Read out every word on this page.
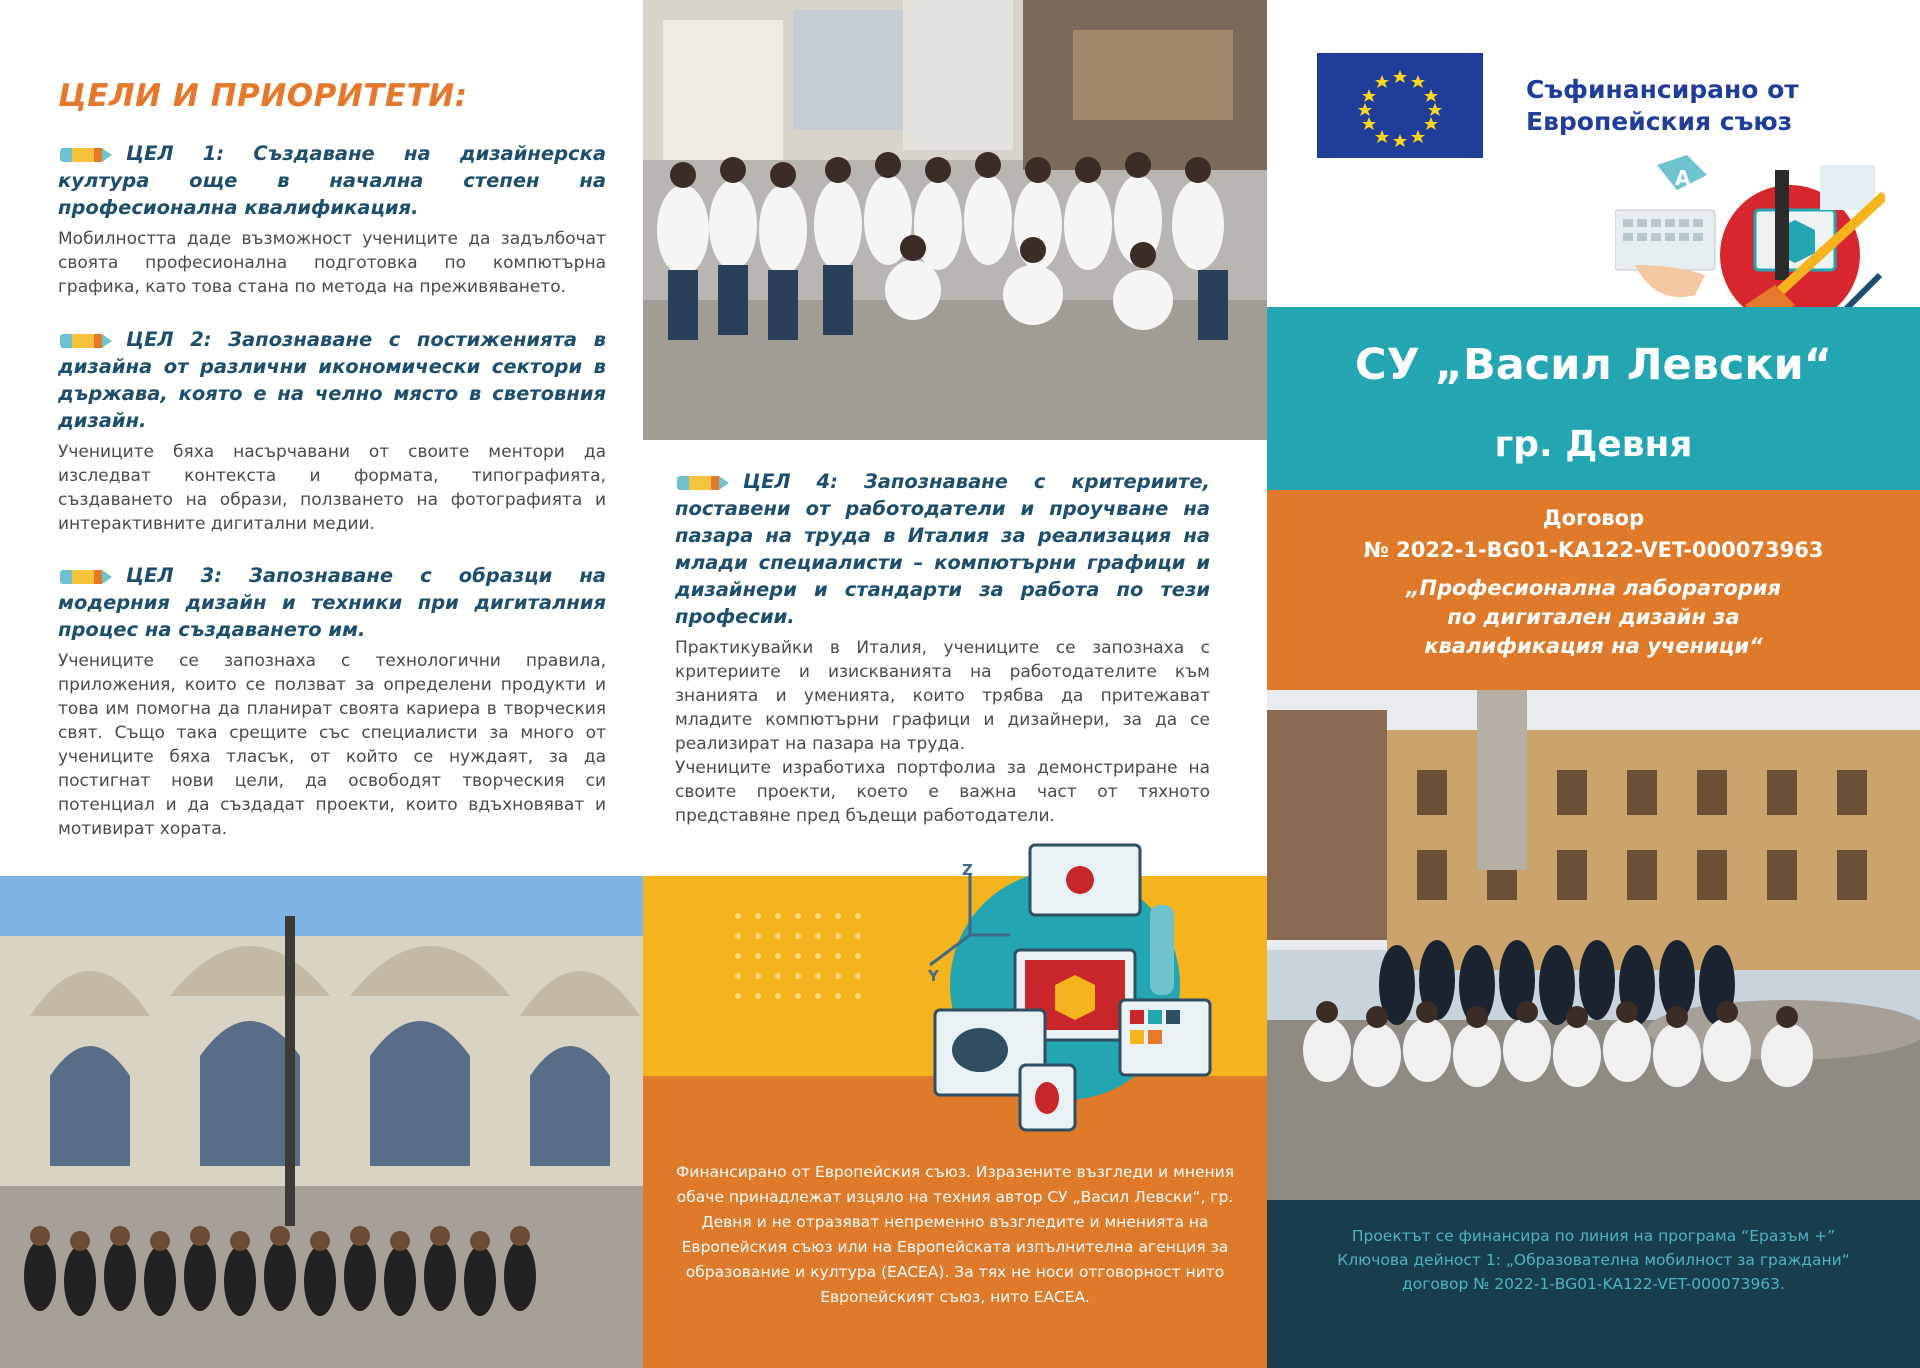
ЦЕЛИ И ПРИОРИТЕТИ:
ЦЕЛ 1: Създаване на дизайнерска култура още в начална степен на професионална квалификация.
Мобилността даде възможност учениците да задълбочат своята професионална подготовка по компютърна графика, като това стана по метода на преживяването.
ЦЕЛ 2: Запознаване с постиженията в дизайна от различни икономически сектори в държава, която е на челно място в световния дизайн.
Учениците бяха насърчавани от своите ментори да изследват контекста и формата, типографията, създаването на образи, ползването на фотографията и интерактивните дигитални медии.
ЦЕЛ 3: Запознаване с образци на модерния дизайн и техники при дигиталния процес на създаването им.
Учениците се запознаха с технологични правила, приложения, които се ползват за определени продукти и това им помогна да планират своята кариера в творческия свят. Също така срещите със специалисти за много от учениците бяха тласък, от който се нуждаят, за да постигнат нови цели, да освободят творческия си потенциал и да създадат проекти, които вдъхновяват и мотивират хората.
ЦЕЛ 4: Запознаване с критериите, поставени от работодатели и проучване на пазара на труда в Италия за реализация на млади специалисти – компютърни графици и дизайнери и стандарти за работа по тези професии.
Практикувайки в Италия, учениците се запознаха с критериите и изискванията на работодателите към знанията и уменията, които трябва да притежават младите компютърни графици и дизайнери, за да се реализират на пазара на труда.
Учениците изработиха портфолиа за демонстриране на своите проекти, което е важна част от тяхното представяне пред бъдещи работодатели.
Съфинансирано от
Европейския съюз
A
СУ „Васил Левски“
гр. Девня
Договор
№ 2022-1-BG01-KA122-VET-000073963
„Професионална лаборатория
по дигитален дизайн за
квалификация на ученици“
Проектът се финансира по линия на програма “Еразъм +”
Ключова дейност 1: „Образователна мобилност за граждани“
договор № 2022-1-BG01-KA122-VET-000073963.
Z
Y
Финансирано от Европейския съюз. Изразените възгледи и мнения обаче принадлежат изцяло на техния автор СУ „Васил Левски“, гр. Девня и не отразяват непременно възгледите и мненията на Европейския съюз или на Европейската изпълнителна агенция за образование и култура (EACEA). За тях не носи отговорност нито Европейският съюз, нито EACEA.
